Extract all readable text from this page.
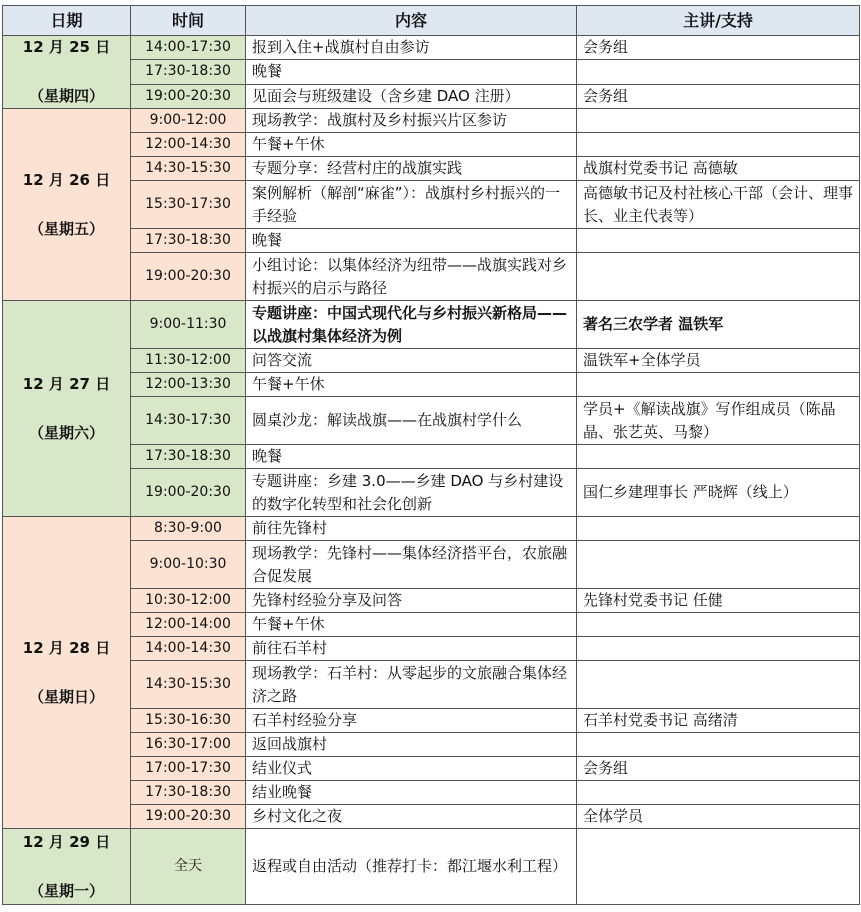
日期	时间	内容	主讲/支持

12 月 25 日
（星期四）	14:00-17:30	报到入住+战旗村自由参访	会务组
	17:30-18:30	晚餐	
	19:00-20:30	见面会与班级建设（含乡建 DAO 注册）	会务组

12 月 26 日
（星期五）	9:00-12:00	现场教学：战旗村及乡村振兴片区参访	
	12:00-14:30	午餐+午休	
	14:30-15:30	专题分享：经营村庄的战旗实践	战旗村党委书记 高德敏
	15:30-17:30	案例解析（解剖“麻雀”）：战旗村乡村振兴的一手经验	高德敏书记及村社核心干部（会计、理事长、业主代表等）
	17:30-18:30	晚餐	
	19:00-20:30	小组讨论：以集体经济为纽带——战旗实践对乡村振兴的启示与路径	

12 月 27 日
（星期六）	9:00-11:30	专题讲座：中国式现代化与乡村振兴新格局——以战旗村集体经济为例	著名三农学者 温铁军
	11:30-12:00	问答交流	温铁军+全体学员
	12:00-13:30	午餐+午休	
	14:30-17:30	圆桌沙龙：解读战旗——在战旗村学什么	学员+《解读战旗》写作组成员（陈晶晶、张艺英、马黎）
	17:30-18:30	晚餐	
	19:00-20:30	专题讲座：乡建 3.0——乡建 DAO 与乡村建设的数字化转型和社会化创新	国仁乡建理事长 严晓辉（线上）

12 月 28 日
（星期日）	8:30-9:00	前往先锋村	
	9:00-10:30	现场教学：先锋村——集体经济搭平台，农旅融合促发展	
	10:30-12:00	先锋村经验分享及问答	先锋村党委书记 任健
	12:00-14:00	午餐+午休	
	14:00-14:30	前往石羊村	
	14:30-15:30	现场教学：石羊村：从零起步的文旅融合集体经济之路	
	15:30-16:30	石羊村经验分享	石羊村党委书记 高绪清
	16:30-17:00	返回战旗村	
	17:00-17:30	结业仪式	会务组
	17:30-18:30	结业晚餐	
	19:00-20:30	乡村文化之夜	全体学员

12 月 29 日
（星期一）	全天	返程或自由活动（推荐打卡：都江堰水利工程）	
